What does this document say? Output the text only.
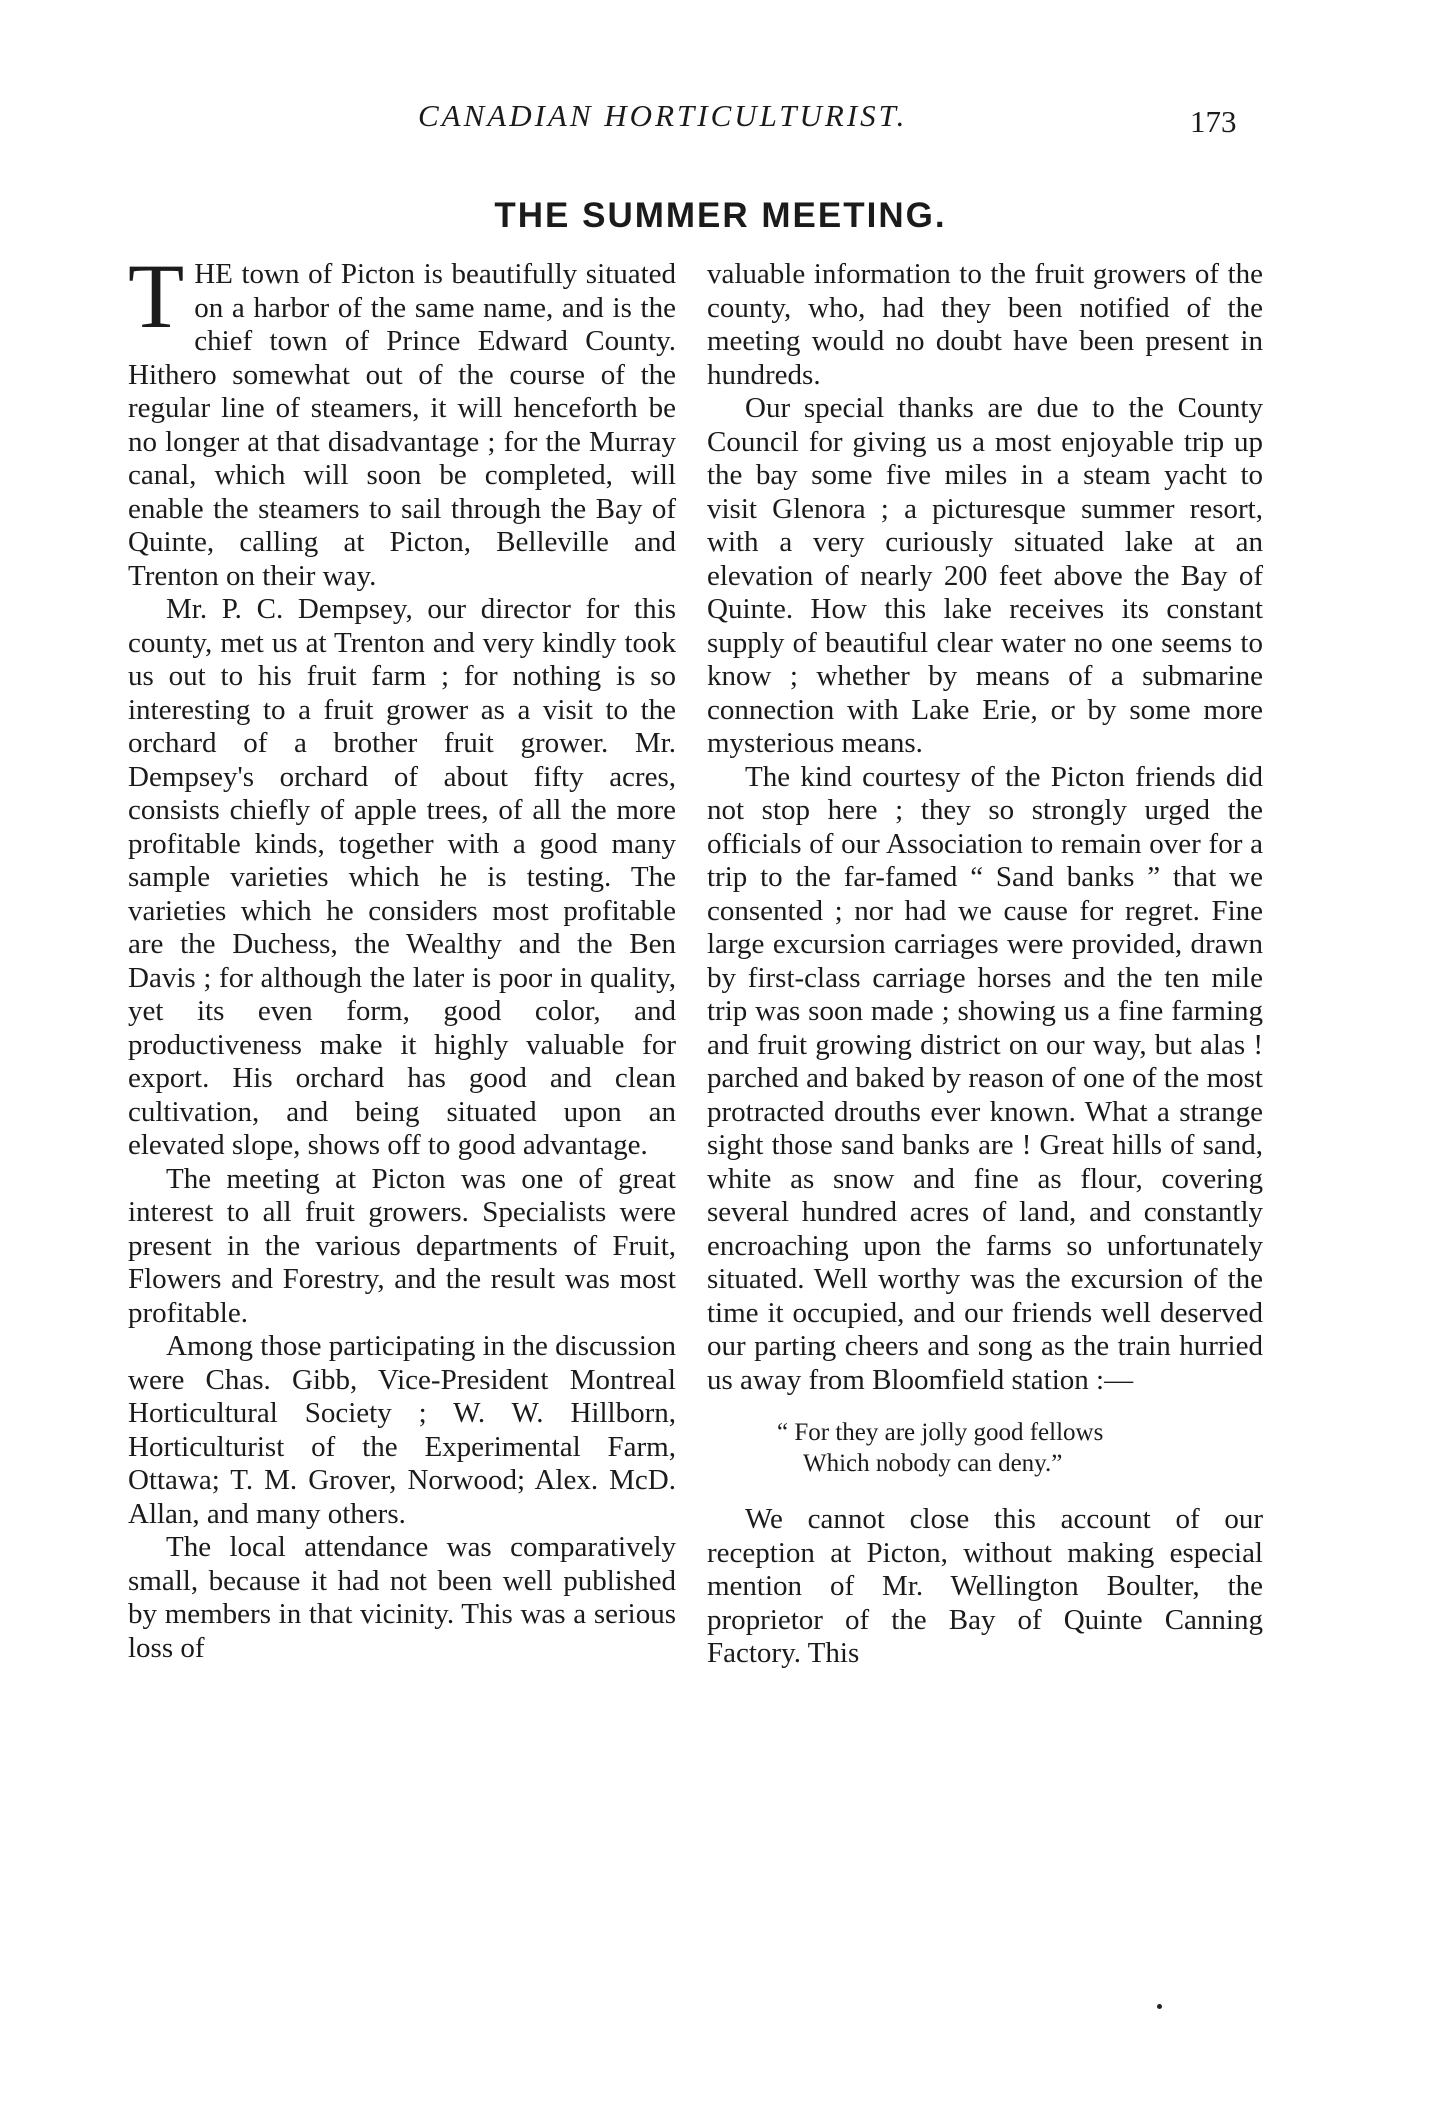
CANADIAN HORTICULTURIST.	173
THE SUMMER MEETING.

THE town of Picton is beautifully situated on a harbor of the same name, and is the chief town of Prince Edward County. Hithero somewhat out of the course of the regular line of steamers, it will henceforth be no longer at that disadvantage ; for the Murray canal, which will soon be completed, will enable the steamers to sail through the Bay of Quinte, calling at Picton, Belleville and Trenton on their way.

Mr. P. C. Dempsey, our director for this county, met us at Trenton and very kindly took us out to his fruit farm ; for nothing is so interesting to a fruit grower as a visit to the orchard of a brother fruit grower. Mr. Dempsey's orchard of about fifty acres, consists chiefly of apple trees, of all the more profitable kinds, together with a good many sample varieties which he is testing. The varieties which he considers most profitable are the Duchess, the Wealthy and the Ben Davis ; for although the later is poor in quality, yet its even form, good color, and productiveness make it highly valuable for export. His orchard has good and clean cultivation, and being situated upon an elevated slope, shows off to good advantage.

The meeting at Picton was one of great interest to all fruit growers. Specialists were present in the various departments of Fruit, Flowers and Forestry, and the result was most profitable.

Among those participating in the discussion were Chas. Gibb, Vice-President Montreal Horticultural Society ; W. W. Hillborn, Horticulturist of the Experimental Farm, Ottawa; T. M. Grover, Norwood; Alex. McD. Allan, and many others.

The local attendance was comparatively small, because it had not been well published by members in that vicinity. This was a serious loss of

valuable information to the fruit growers of the county, who, had they been notified of the meeting would no doubt have been present in hundreds.

Our special thanks are due to the County Council for giving us a most enjoyable trip up the bay some five miles in a steam yacht to visit Glenora ; a picturesque summer resort, with a very curiously situated lake at an elevation of nearly 200 feet above the Bay of Quinte. How this lake receives its constant supply of beautiful clear water no one seems to know ; whether by means of a submarine connection with Lake Erie, or by some more mysterious means.

The kind courtesy of the Picton friends did not stop here ; they so strongly urged the officials of our Association to remain over for a trip to the far-famed “ Sand banks ” that we consented ; nor had we cause for regret. Fine large excursion carriages were provided, drawn by first-class carriage horses and the ten mile trip was soon made ; showing us a fine farming and fruit growing district on our way, but alas ! parched and baked by reason of one of the most protracted drouths ever known. What a strange sight those sand banks are ! Great hills of sand, white as snow and fine as flour, covering several hundred acres of land, and constantly encroaching upon the farms so unfortunately situated. Well worthy was the excursion of the time it occupied, and our friends well deserved our parting cheers and song as the train hurried us away from Bloomfield station :—

“ For they are jolly good fellows
Which nobody can deny.”

We cannot close this account of our reception at Picton, without making especial mention of Mr. Wellington Boulter, the proprietor of the Bay of Quinte Canning Factory. This
